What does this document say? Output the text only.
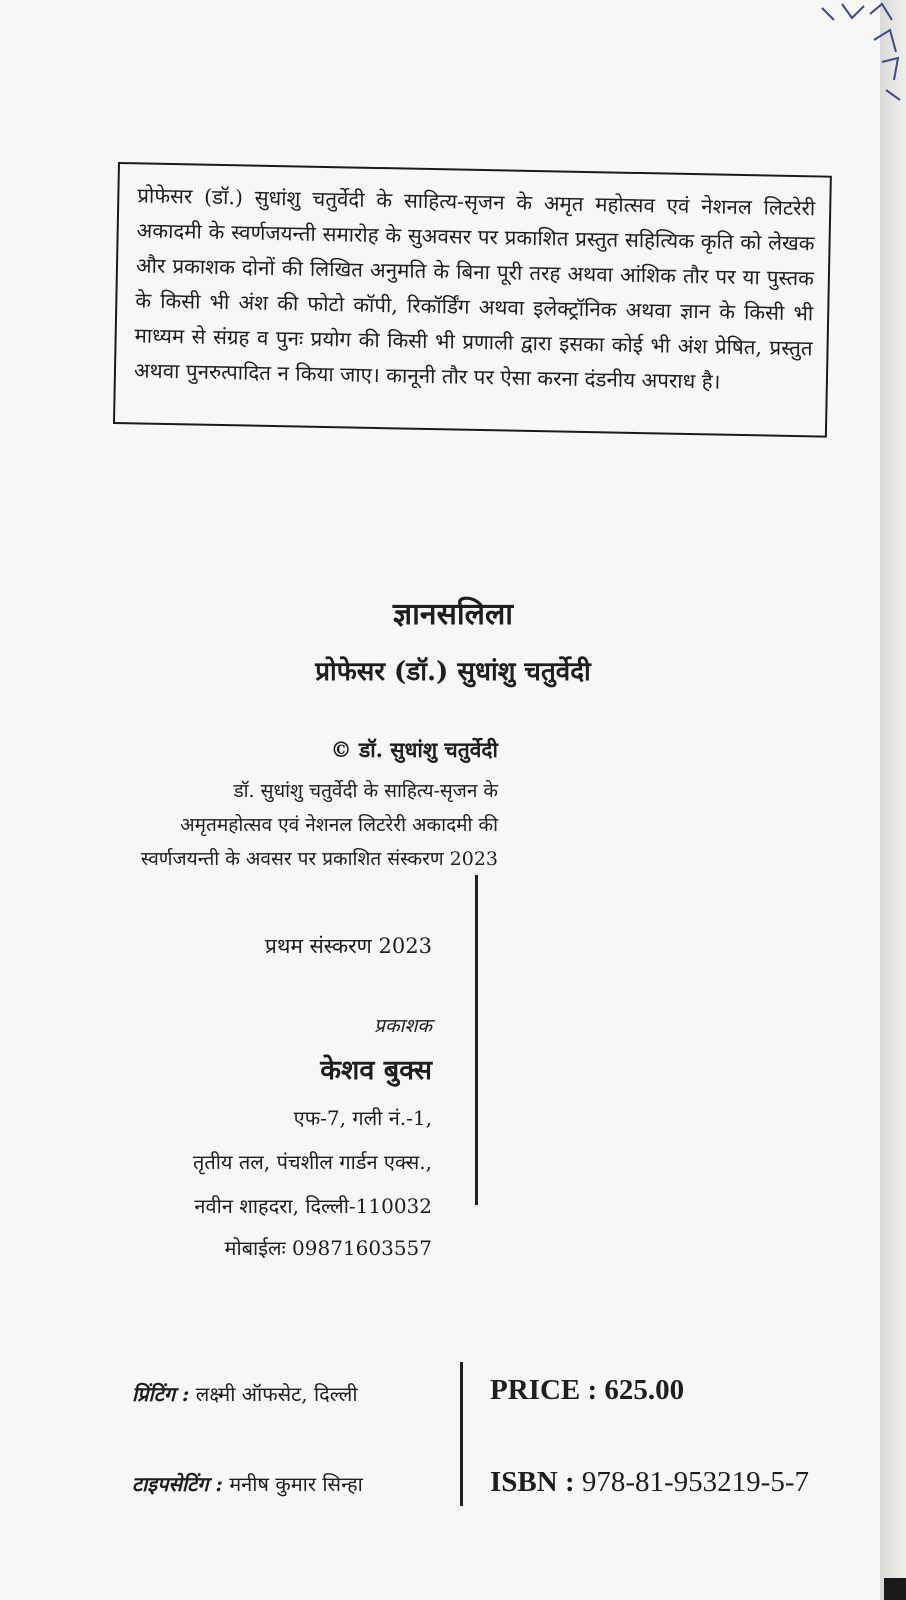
प्रोफेसर (डॉ.) सुधांशु चतुर्वेदी के साहित्य-सृजन के अमृत महोत्सव एवं नेशनल लिटरेरी अकादमी के स्वर्णजयन्ती समारोह के सुअवसर पर प्रकाशित प्रस्तुत सहित्यिक कृति को लेखक और प्रकाशक दोनों की लिखित अनुमति के बिना पूरी तरह अथवा आंशिक तौर पर या पुस्तक के किसी भी अंश की फोटो कॉपी, रिकॉर्डिंग अथवा इलेक्ट्रॉनिक अथवा ज्ञान के किसी भी माध्यम से संग्रह व पुनः प्रयोग की किसी भी प्रणाली द्वारा इसका कोई भी अंश प्रेषित, प्रस्तुत अथवा पुनरुत्पादित न किया जाए। कानूनी तौर पर ऐसा करना दंडनीय अपराध है।

ज्ञानसलिला
प्रोफेसर (डॉ.) सुधांशु चतुर्वेदी
© डॉ. सुधांशु चतुर्वेदी
डॉ. सुधांशु चतुर्वेदी के साहित्य-सृजन के
अमृतमहोत्सव एवं नेशनल लिटरेरी अकादमी की
स्वर्णजयन्ती के अवसर पर प्रकाशित संस्करण 2023
प्रथम संस्करण 2023
प्रकाशक
केशव बुक्स
एफ-7, गली नं.-1,
तृतीय तल, पंचशील गार्डन एक्स.,
नवीन शाहदरा, दिल्ली-110032
मोबाईलः 09871603557
प्रिंटिंग : लक्ष्मी ऑफसेट, दिल्ली
टाइपसेटिंग : मनीष कुमार सिन्हा
PRICE : 625.00
ISBN : 978-81-953219-5-7
